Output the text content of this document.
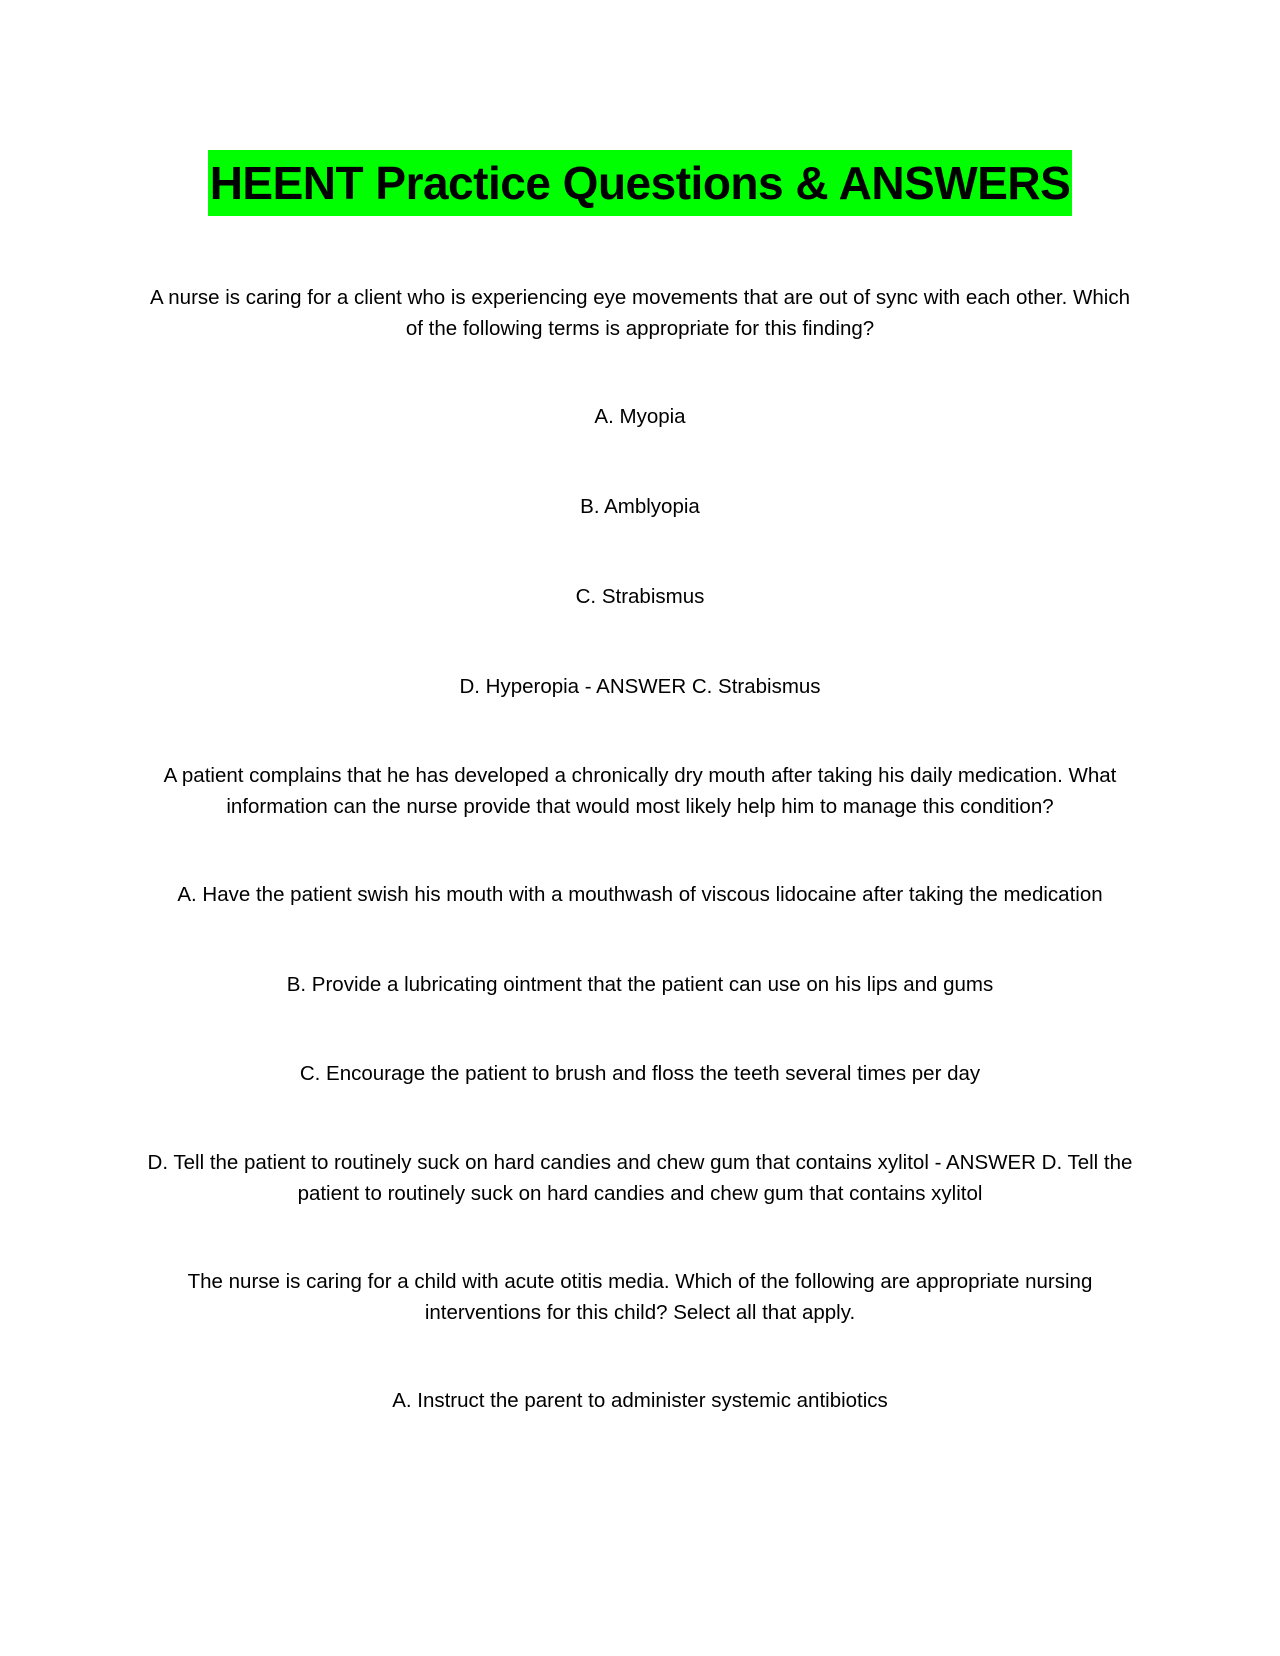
HEENT Practice Questions & ANSWERS

A nurse is caring for a client who is experiencing eye movements that are out of sync with each other. Which of the following terms is appropriate for this finding?

A. Myopia

B. Amblyopia

C. Strabismus

D. Hyperopia - ANSWER C. Strabismus

A patient complains that he has developed a chronically dry mouth after taking his daily medication. What information can the nurse provide that would most likely help him to manage this condition?

A. Have the patient swish his mouth with a mouthwash of viscous lidocaine after taking the medication

B. Provide a lubricating ointment that the patient can use on his lips and gums

C. Encourage the patient to brush and floss the teeth several times per day

D. Tell the patient to routinely suck on hard candies and chew gum that contains xylitol - ANSWER D. Tell the patient to routinely suck on hard candies and chew gum that contains xylitol

The nurse is caring for a child with acute otitis media. Which of the following are appropriate nursing interventions for this child? Select all that apply.

A. Instruct the parent to administer systemic antibiotics
